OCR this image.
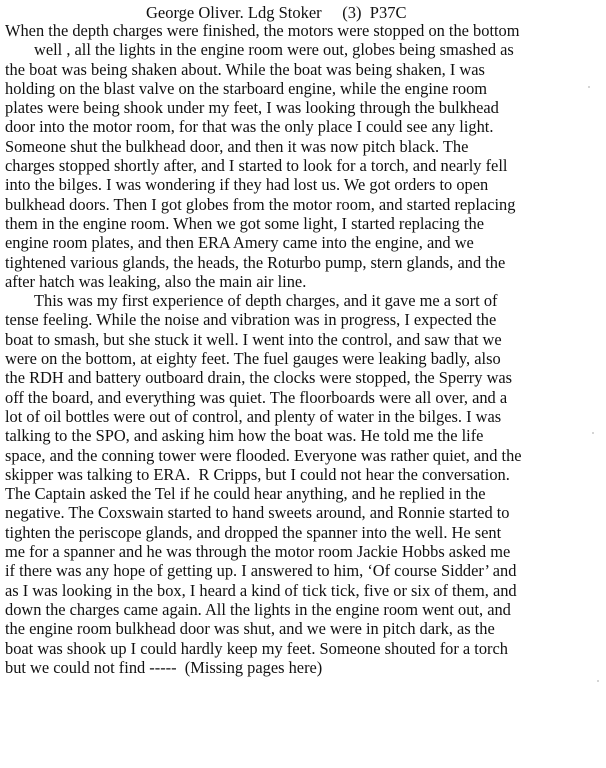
George Oliver. Ldg Stoker     (3)  P37C
When the depth charges were finished, the motors were stopped on the bottom
well , all the lights in the engine room were out, globes being smashed as
the boat was being shaken about. While the boat was being shaken, I was
holding on the blast valve on the starboard engine, while the engine room
plates were being shook under my feet, I was looking through the bulkhead
door into the motor room, for that was the only place I could see any light.
Someone shut the bulkhead door, and then it was now pitch black. The
charges stopped shortly after, and I started to look for a torch, and nearly fell
into the bilges. I was wondering if they had lost us. We got orders to open
bulkhead doors. Then I got globes from the motor room, and started replacing
them in the engine room. When we got some light, I started replacing the
engine room plates, and then ERA Amery came into the engine, and we
tightened various glands, the heads, the Roturbo pump, stern glands, and the
after hatch was leaking, also the main air line.
This was my first experience of depth charges, and it gave me a sort of
tense feeling. While the noise and vibration was in progress, I expected the
boat to smash, but she stuck it well. I went into the control, and saw that we
were on the bottom, at eighty feet. The fuel gauges were leaking badly, also
the RDH and battery outboard drain, the clocks were stopped, the Sperry was
off the board, and everything was quiet. The floorboards were all over, and a
lot of oil bottles were out of control, and plenty of water in the bilges. I was
talking to the SPO, and asking him how the boat was. He told me the life
space, and the conning tower were flooded. Everyone was rather quiet, and the
skipper was talking to ERA.  R Cripps, but I could not hear the conversation.
The Captain asked the Tel if he could hear anything, and he replied in the
negative. The Coxswain started to hand sweets around, and Ronnie started to
tighten the periscope glands, and dropped the spanner into the well. He sent
me for a spanner and he was through the motor room Jackie Hobbs asked me
if there was any hope of getting up. I answered to him, ‘Of course Sidder’ and
as I was looking in the box, I heard a kind of tick tick, five or six of them, and
down the charges came again. All the lights in the engine room went out, and
the engine room bulkhead door was shut, and we were in pitch dark, as the
boat was shook up I could hardly keep my feet. Someone shouted for a torch
but we could not find -----  (Missing pages here)
